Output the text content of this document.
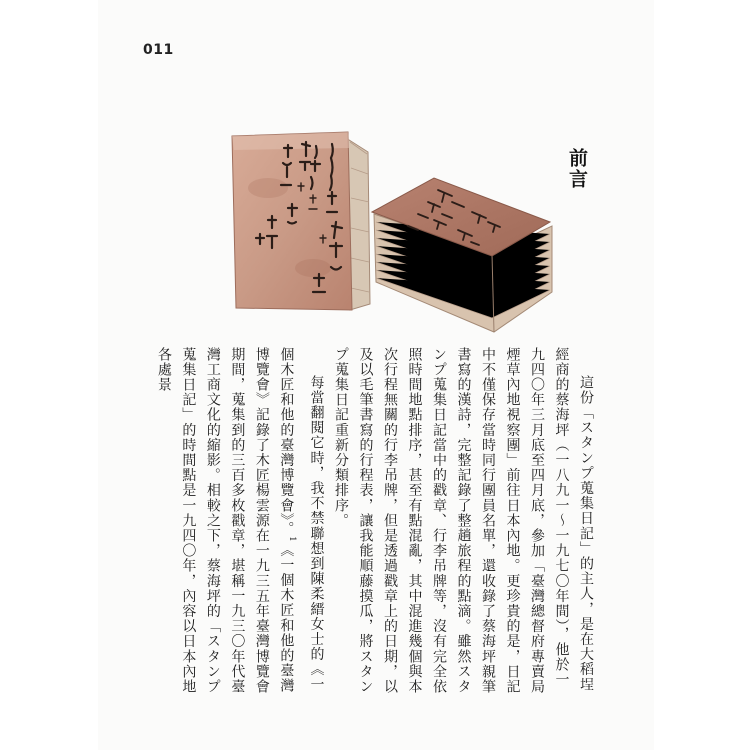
011
前言

這份「スタンプ蒐集日記」的主人，是在大稻埕經商的蔡海坪（一八九一～一九七〇年間），他於一九四〇年三月底至四月底，參加「臺灣總督府專賣局煙草內地視察團」前往日本內地。更珍貴的是，日記中不僅保存當時同行團員名單，還收錄了蔡海坪親筆書寫的漢詩，完整記錄了整趟旅程的點滴。雖然スタンプ蒐集日記當中的戳章、行李吊牌等，沒有完全依照時間地點排序，甚至有點混亂，其中混進幾個與本次行程無關的行李吊牌，但是透過戳章上的日期，以及以毛筆書寫的行程表，讓我能順藤摸瓜，將スタンプ蒐集日記重新分類排序。

每當翻閱它時，我不禁聯想到陳柔縉女士的《一個木匠和他的臺灣博覽會》。$^1$《一個木匠和他的臺灣博覽會》記錄了木匠楊雲源在一九三五年臺灣博覽會期間，蒐集到的三百多枚戳章，堪稱一九三〇年代臺灣工商文化的縮影。相較之下，蔡海坪的「スタンプ蒐集日記」的時間點是一九四〇年，內容以日本內地各處景
